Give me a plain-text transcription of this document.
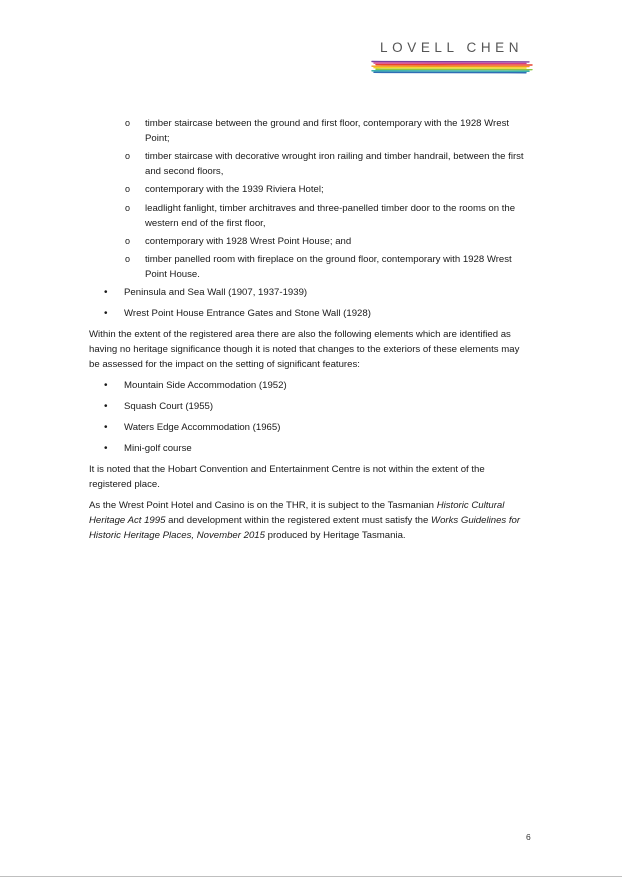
LOVELL CHEN
o timber staircase between the ground and first floor, contemporary with the 1928 Wrest Point;
o timber staircase with decorative wrought iron railing and timber handrail, between the first and second floors,
o contemporary with the 1939 Riviera Hotel;
o leadlight fanlight, timber architraves and three-panelled timber door to the rooms on the western end of the first floor,
o contemporary with 1928 Wrest Point House; and
o timber panelled room with fireplace on the ground floor, contemporary with 1928 Wrest Point House.
• Peninsula and Sea Wall (1907, 1937-1939)
• Wrest Point House Entrance Gates and Stone Wall (1928)

Within the extent of the registered area there are also the following elements which are identified as having no heritage significance though it is noted that changes to the exteriors of these elements may be assessed for the impact on the setting of significant features:

• Mountain Side Accommodation (1952)
• Squash Court (1955)
• Waters Edge Accommodation (1965)
• Mini-golf course

It is noted that the Hobart Convention and Entertainment Centre is not within the extent of the registered place.

As the Wrest Point Hotel and Casino is on the THR, it is subject to the Tasmanian Historic Cultural Heritage Act 1995 and development within the registered extent must satisfy the Works Guidelines for Historic Heritage Places, November 2015 produced by Heritage Tasmania.

6
